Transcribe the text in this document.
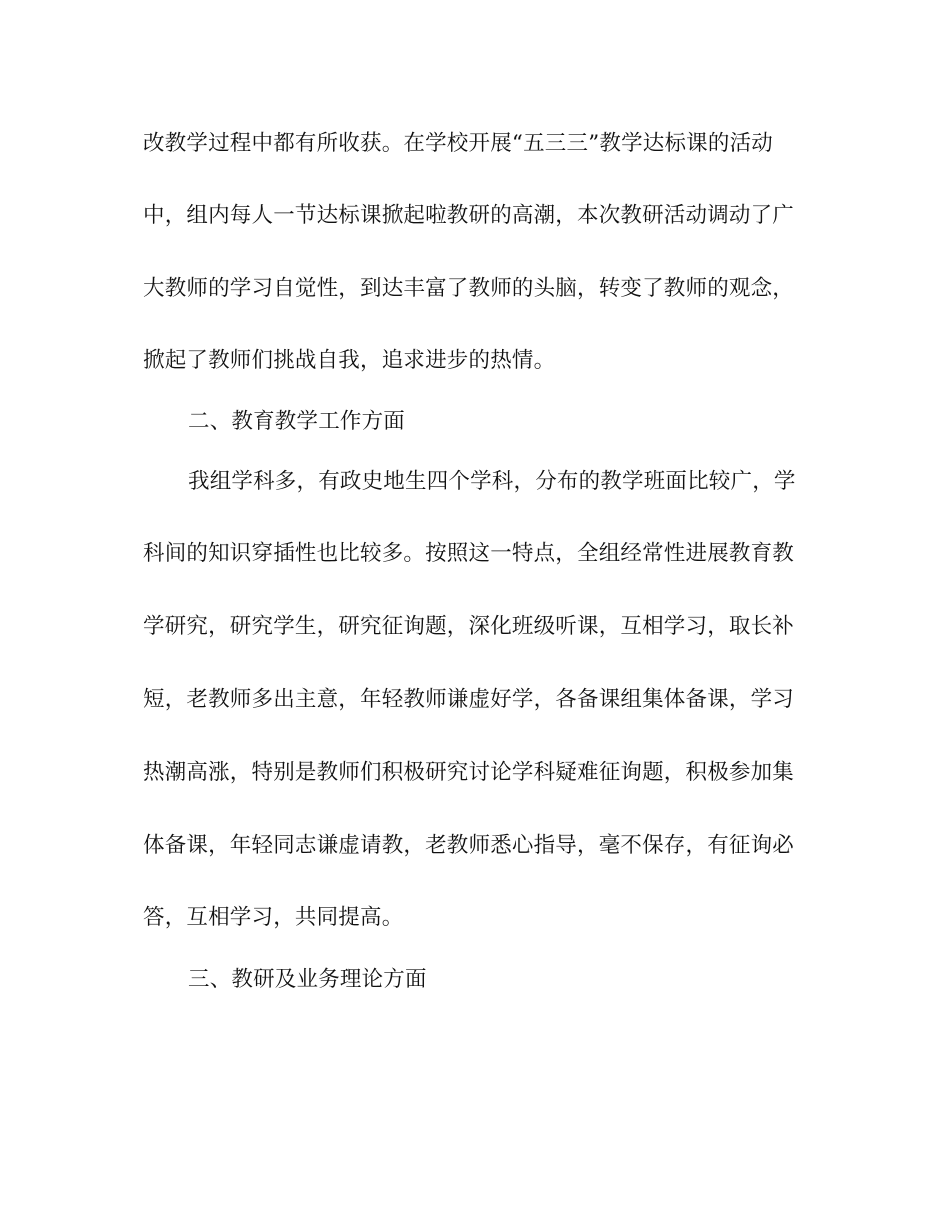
改教学过程中都有所收获。在学校开展“五三三”教学达标课的活动
中，组内每人一节达标课掀起啦教研的高潮，本次教研活动调动了广
大教师的学习自觉性，到达丰富了教师的头脑，转变了教师的观念，
掀起了教师们挑战自我，追求进步的热情。
二、教育教学工作方面
我组学科多，有政史地生四个学科，分布的教学班面比较广，学
科间的知识穿插性也比较多。按照这一特点，全组经常性进展教育教
学研究，研究学生，研究征询题，深化班级听课，互相学习，取长补
短，老教师多出主意，年轻教师谦虚好学，各备课组集体备课，学习
热潮高涨，特别是教师们积极研究讨论学科疑难征询题，积极参加集
体备课，年轻同志谦虚请教，老教师悉心指导，毫不保存，有征询必
答，互相学习，共同提高。
三、教研及业务理论方面
